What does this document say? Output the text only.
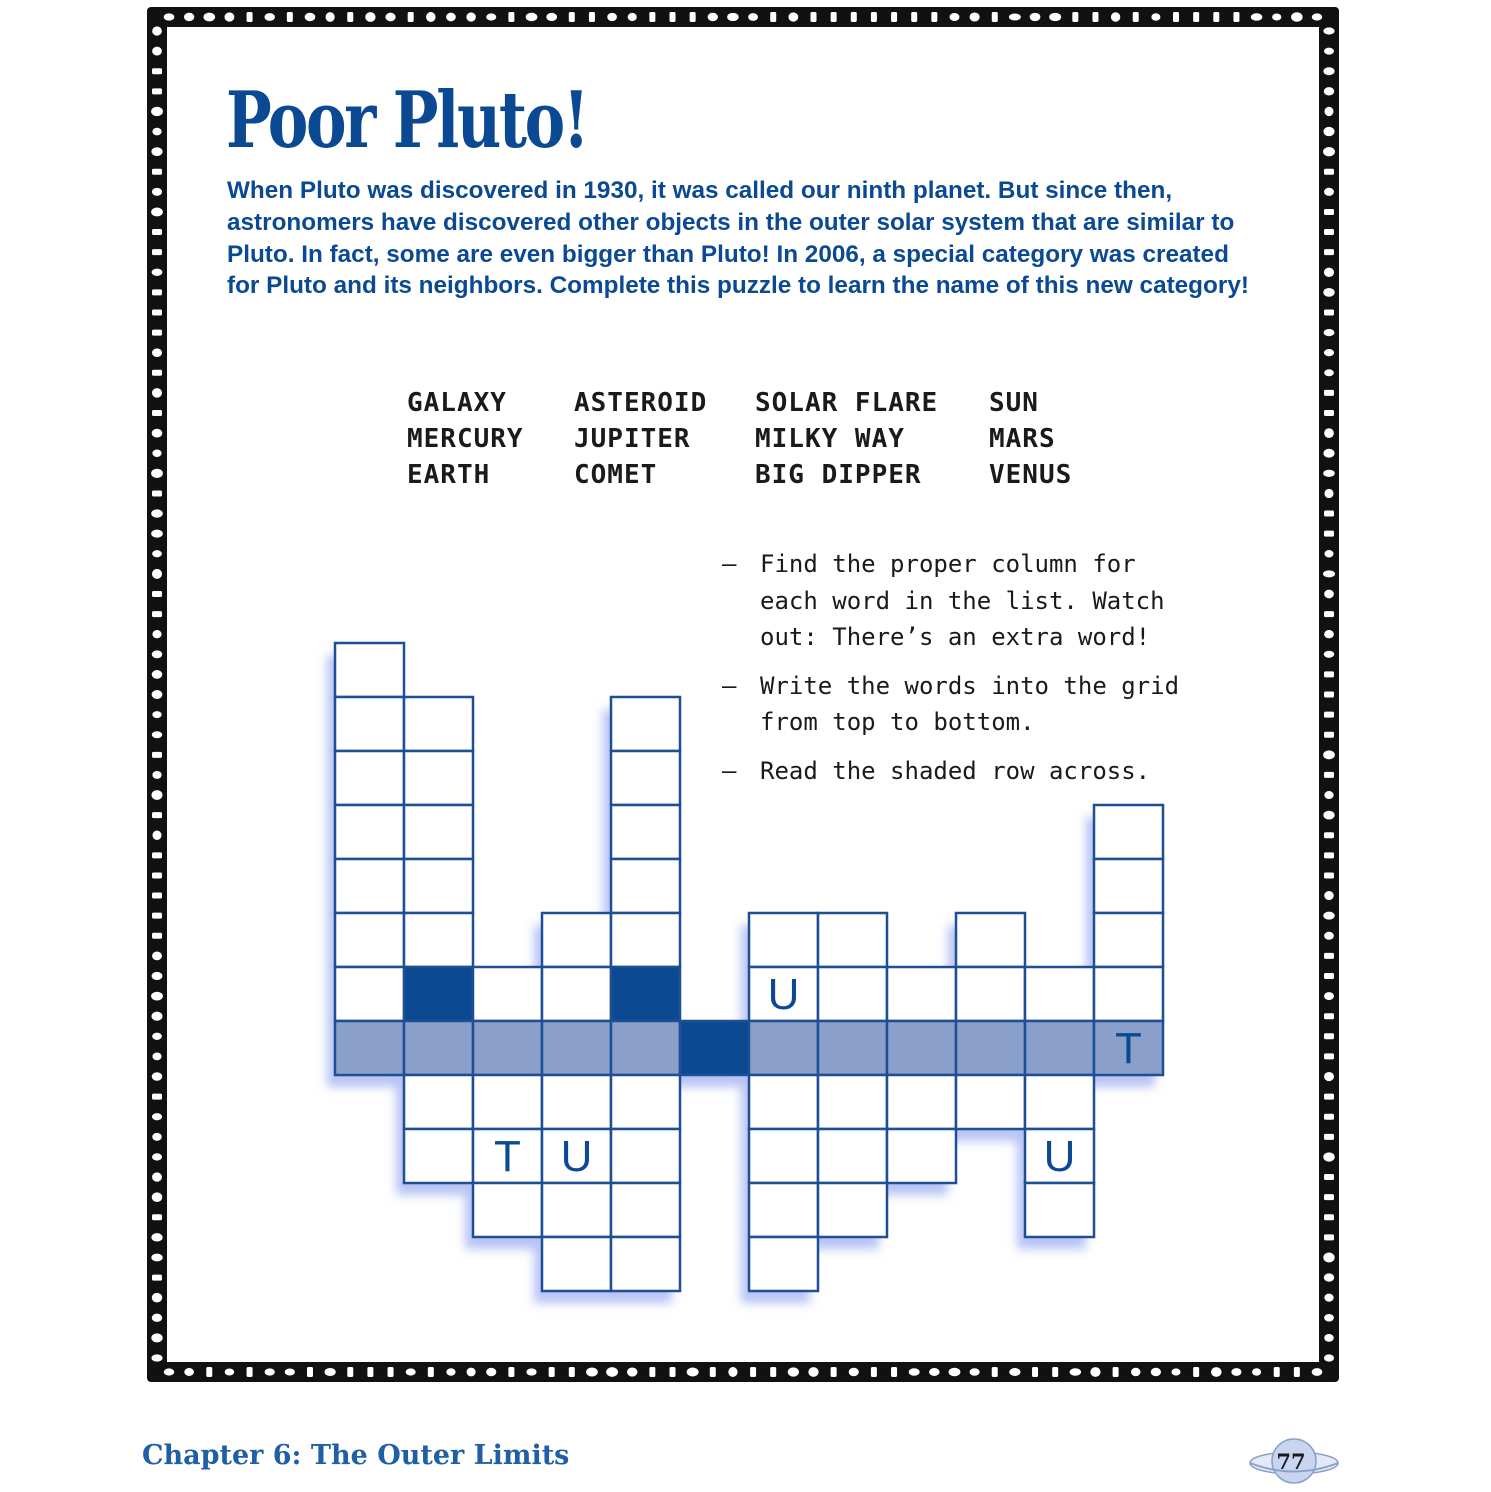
Poor Pluto!

When Pluto was discovered in 1930, it was called our ninth planet. But since then, astronomers have discovered other objects in the outer solar system that are similar to Pluto. In fact, some are even bigger than Pluto! In 2006, a special category was created for Pluto and its neighbors. Complete this puzzle to learn the name of this new category!

GALAXY
MERCURY
EARTH
ASTEROID
JUPITER
COMET
SOLAR FLARE
MILKY WAY
BIG DIPPER
SUN
MARS
VENUS
— Find the proper column for each word in the list. Watch out: There’s an extra word!
— Write the words into the grid from top to bottom.
— Read the shaded row across.
U
T
T U	U
Chapter 6: The Outer Limits	77
